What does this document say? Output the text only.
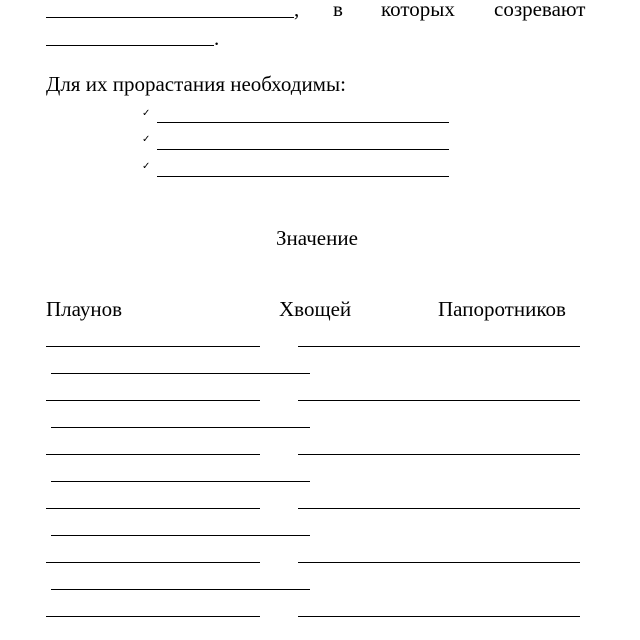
, в которых созревают
.
Для их прорастания необходимы:
✓
✓
✓
Значение
Плаунов	Хвощей	Папоротников
